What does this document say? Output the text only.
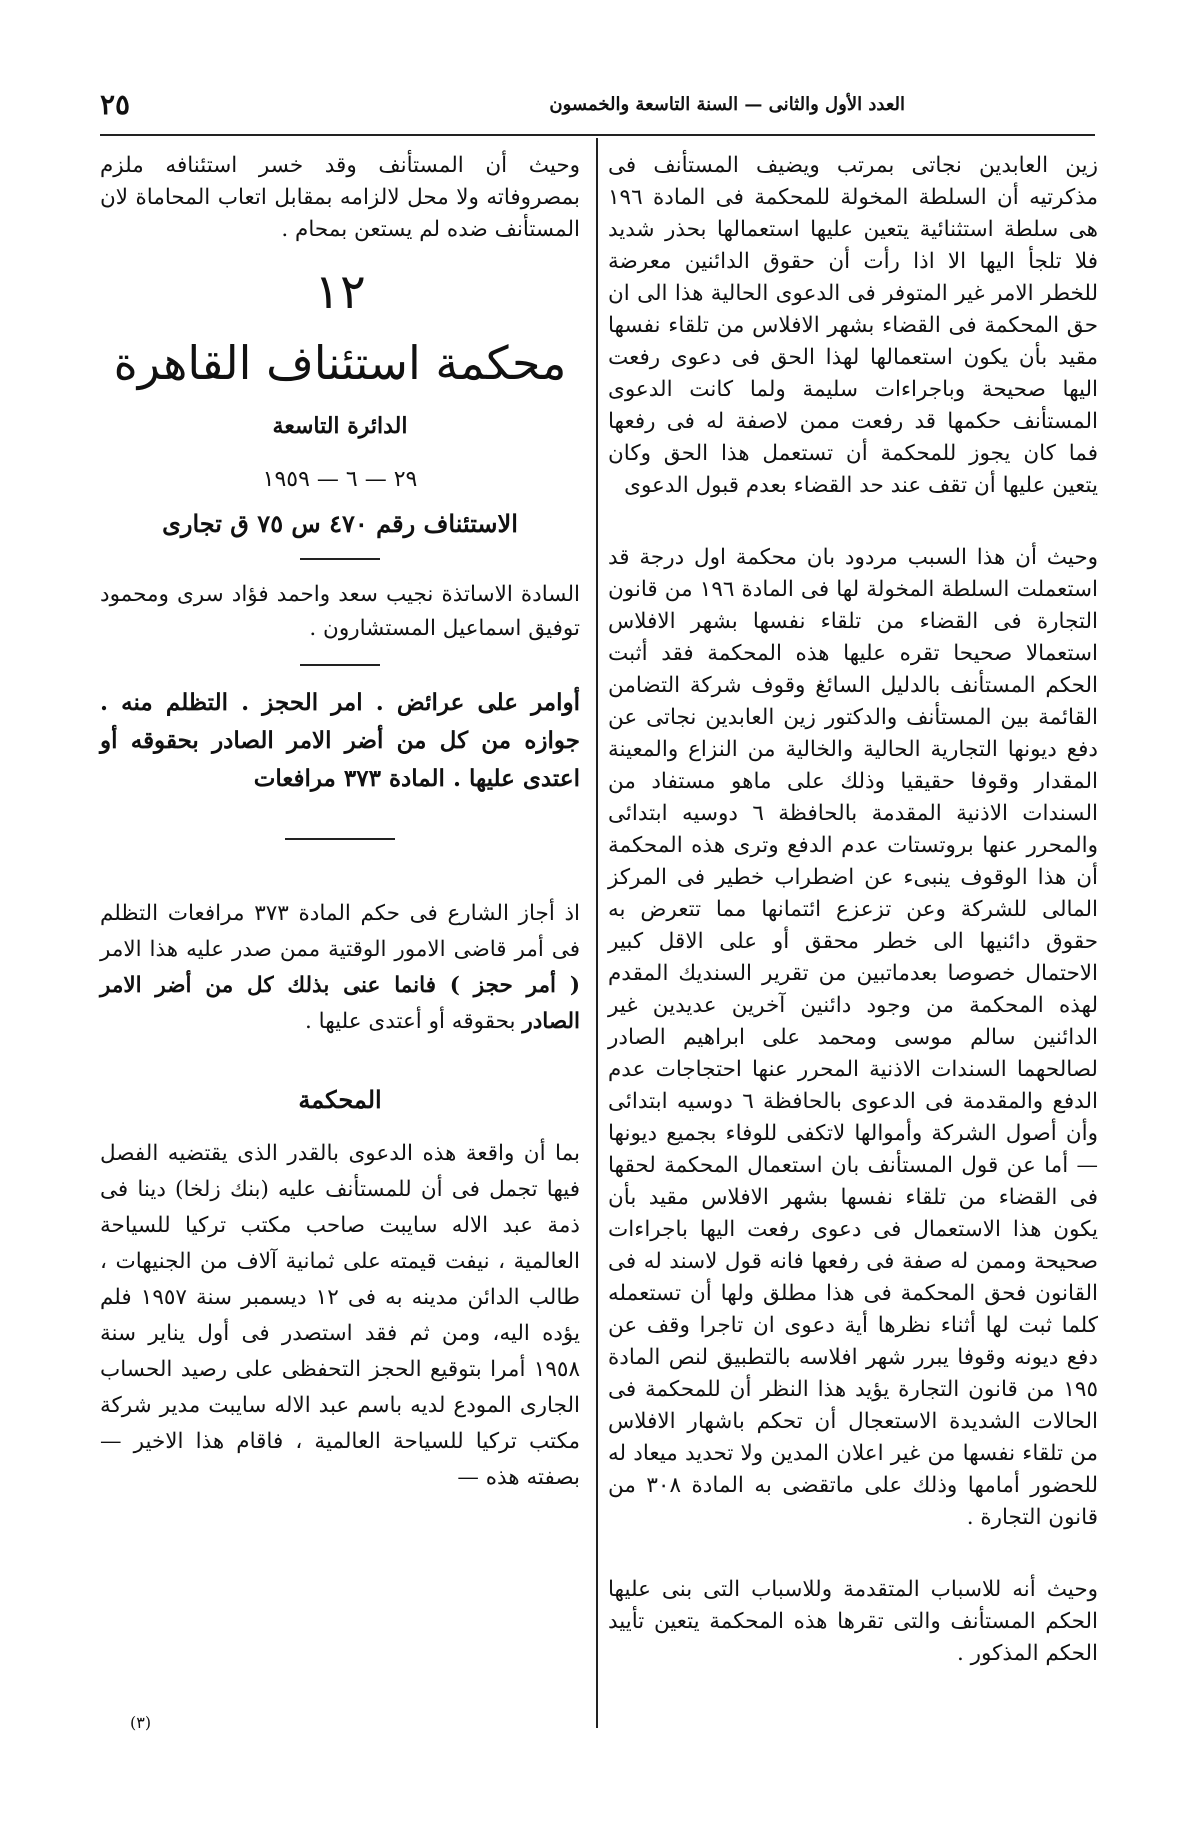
٢٥	العدد الأول والثانى — السنة التاسعة والخمسون

زين العابدين نجاتى بمرتب ويضيف المستأنف فى مذكرتيه أن السلطة المخولة للمحكمة فى المادة ١٩٦ هى سلطة استثنائية يتعين عليها استعمالها بحذر شديد فلا تلجأ اليها الا اذا رأت أن حقوق الدائنين معرضة للخطر الامر غير المتوفر فى الدعوى الحالية هذا الى ان حق المحكمة فى القضاء بشهر الافلاس من تلقاء نفسها مقيد بأن يكون استعمالها لهذا الحق فى دعوى رفعت اليها صحيحة وباجراءات سليمة ولما كانت الدعوى المستأنف حكمها قد رفعت ممن لاصفة له فى رفعها فما كان يجوز للمحكمة أن تستعمل هذا الحق وكان يتعين عليها أن تقف عند حد القضاء بعدم قبول الدعوى

وحيث أن هذا السبب مردود بان محكمة اول درجة قد استعملت السلطة المخولة لها فى المادة ١٩٦ من قانون التجارة فى القضاء من تلقاء نفسها بشهر الافلاس استعمالا صحيحا تقره عليها هذه المحكمة فقد أثبت الحكم المستأنف بالدليل السائغ وقوف شركة التضامن القائمة بين المستأنف والدكتور زين العابدين نجاتى عن دفع ديونها التجارية الحالية والخالية من النزاع والمعينة المقدار وقوفا حقيقيا وذلك على ماهو مستفاد من السندات الاذنية المقدمة بالحافظة ٦ دوسيه ابتدائى والمحرر عنها بروتستات عدم الدفع وترى هذه المحكمة أن هذا الوقوف ينبىء عن اضطراب خطير فى المركز المالى للشركة وعن تزعزع ائتمانها مما تتعرض به حقوق دائنيها الى خطر محقق أو على الاقل كبير الاحتمال خصوصا بعدماتبين من تقرير السنديك المقدم لهذه المحكمة من وجود دائنين آخرين عديدين غير الدائنين سالم موسى ومحمد على ابراهيم الصادر لصالحهما السندات الاذنية المحرر عنها احتجاجات عدم الدفع والمقدمة فى الدعوى بالحافظة ٦ دوسيه ابتدائى وأن أصول الشركة وأموالها لاتكفى للوفاء بجميع ديونها — أما عن قول المستأنف بان استعمال المحكمة لحقها فى القضاء من تلقاء نفسها بشهر الافلاس مقيد بأن يكون هذا الاستعمال فى دعوى رفعت اليها باجراءات صحيحة وممن له صفة فى رفعها فانه قول لاسند له فى القانون فحق المحكمة فى هذا مطلق ولها أن تستعمله كلما ثبت لها أثناء نظرها أية دعوى ان تاجرا وقف عن دفع ديونه وقوفا يبرر شهر افلاسه بالتطبيق لنص المادة ١٩٥ من قانون التجارة يؤيد هذا النظر أن للمحكمة فى الحالات الشديدة الاستعجال أن تحكم باشهار الافلاس من تلقاء نفسها من غير اعلان المدين ولا تحديد ميعاد له للحضور أمامها وذلك على ماتقضى به المادة ٣٠٨ من قانون التجارة .

وحيث أنه للاسباب المتقدمة وللاسباب التى بنى عليها الحكم المستأنف والتى تقرها هذه المحكمة يتعين تأييد الحكم المذكور .

وحيث أن المستأنف وقد خسر استئنافه ملزم بمصروفاته ولا محل لالزامه بمقابل اتعاب المحاماة لان المستأنف ضده لم يستعن بمحام .

١٢
محكمة استئناف القاهرة
الدائرة التاسعة
٢٩ — ٦ — ١٩٥٩
الاستئناف رقم ٤٧٠ س ٧٥ ق تجارى

السادة الاساتذة نجيب سعد واحمد فؤاد سرى ومحمود توفيق اسماعيل المستشارون .

أوامر على عرائض . امر الحجز . التظلم منه . جوازه من كل من أضر الامر الصادر بحقوقه أو اعتدى عليها . المادة ٣٧٣ مرافعات

اذ أجاز الشارع فى حكم المادة ٣٧٣ مرافعات التظلم فى أمر قاضى الامور الوقتية ممن صدر عليه هذا الامر ( أمر حجز ) فانما عنى بذلك كل من أضر الامر الصادر بحقوقه أو أعتدى عليها .

المحكمة

بما أن واقعة هذه الدعوى بالقدر الذى يقتضيه الفصل فيها تجمل فى أن للمستأنف عليه (بنك زلخا) دينا فى ذمة عبد الاله سايبت صاحب مكتب تركيا للسياحة العالمية ، نيفت قيمته على ثمانية آلاف من الجنيهات ، طالب الدائن مدينه به فى ١٢ ديسمبر سنة ١٩٥٧ فلم يؤده اليه، ومن ثم فقد استصدر فى أول يناير سنة ١٩٥٨ أمرا بتوقيع الحجز التحفظى على رصيد الحساب الجارى المودع لديه باسم عبد الاله سايبت مدير شركة مكتب تركيا للسياحة العالمية ، فاقام هذا الاخير — بصفته هذه —

(٣)
